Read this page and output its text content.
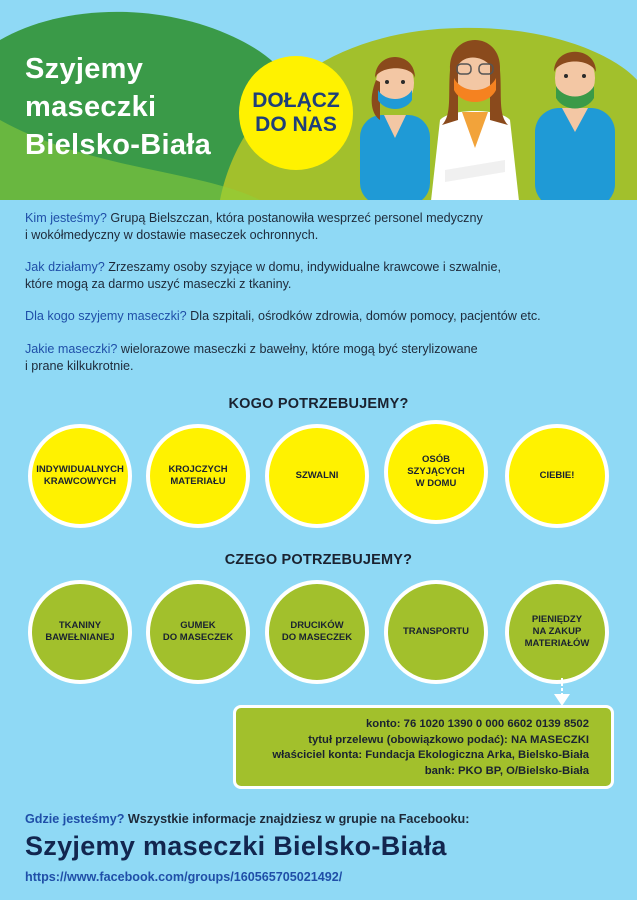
Szyjemy
maseczki
Bielsko-Biała
DOŁĄCZ
DO NAS
Kim jesteśmy? Grupą Bielszczan, która postanowiła wesprzeć personel medyczny
i wokółmedyczny w dostawie maseczek ochronnych.
Jak działamy? Zrzeszamy osoby szyjące w domu, indywidualne krawcowe i szwalnie,
które mogą za darmo uszyć maseczki z tkaniny.
Dla kogo szyjemy maseczki? Dla szpitali, ośrodków zdrowia, domów pomocy, pacjentów etc.
Jakie maseczki? wielorazowe maseczki z bawełny, które mogą być sterylizowane
i prane kilkukrotnie.
KOGO POTRZEBUJEMY?
INDYWIDUALNYCH
KRAWCOWYCH
KROJCZYCH
MATERIAŁU
SZWALNI
OSÓB
SZYJĄCYCH
W DOMU
CIEBIE!
CZEGO POTRZEBUJEMY?
TKANINY
BAWEŁNIANEJ
GUMEK
DO MASECZEK
DRUCIKÓW
DO MASECZEK
TRANSPORTU
PIENIĘDZY
NA ZAKUP
MATERIAŁÓW
konto: 76 1020 1390 0 000 6602 0139 8502
tytuł przelewu (obowiązkowo podać): NA MASECZKI
właściciel konta: Fundacja Ekologiczna Arka, Bielsko-Biała
bank: PKO BP, O/Bielsko-Biała
Gdzie jesteśmy? Wszystkie informacje znajdziesz w grupie na Facebooku:
Szyjemy maseczki Bielsko-Biała
https://www.facebook.com/groups/160565705021492/
